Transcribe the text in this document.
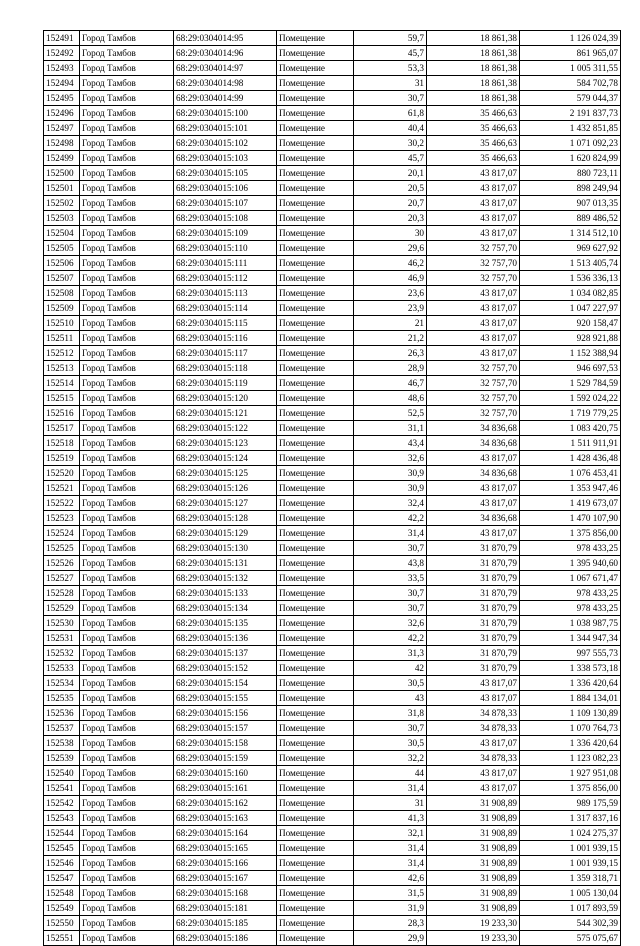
152491	Город Тамбов	68:29:0304014:95	Помещение	59,7	18 861,38	1 126 024,39
152492	Город Тамбов	68:29:0304014:96	Помещение	45,7	18 861,38	861 965,07
152493	Город Тамбов	68:29:0304014:97	Помещение	53,3	18 861,38	1 005 311,55
152494	Город Тамбов	68:29:0304014:98	Помещение	31	18 861,38	584 702,78
152495	Город Тамбов	68:29:0304014:99	Помещение	30,7	18 861,38	579 044,37
152496	Город Тамбов	68:29:0304015:100	Помещение	61,8	35 466,63	2 191 837,73
152497	Город Тамбов	68:29:0304015:101	Помещение	40,4	35 466,63	1 432 851,85
152498	Город Тамбов	68:29:0304015:102	Помещение	30,2	35 466,63	1 071 092,23
152499	Город Тамбов	68:29:0304015:103	Помещение	45,7	35 466,63	1 620 824,99
152500	Город Тамбов	68:29:0304015:105	Помещение	20,1	43 817,07	880 723,11
152501	Город Тамбов	68:29:0304015:106	Помещение	20,5	43 817,07	898 249,94
152502	Город Тамбов	68:29:0304015:107	Помещение	20,7	43 817,07	907 013,35
152503	Город Тамбов	68:29:0304015:108	Помещение	20,3	43 817,07	889 486,52
152504	Город Тамбов	68:29:0304015:109	Помещение	30	43 817,07	1 314 512,10
152505	Город Тамбов	68:29:0304015:110	Помещение	29,6	32 757,70	969 627,92
152506	Город Тамбов	68:29:0304015:111	Помещение	46,2	32 757,70	1 513 405,74
152507	Город Тамбов	68:29:0304015:112	Помещение	46,9	32 757,70	1 536 336,13
152508	Город Тамбов	68:29:0304015:113	Помещение	23,6	43 817,07	1 034 082,85
152509	Город Тамбов	68:29:0304015:114	Помещение	23,9	43 817,07	1 047 227,97
152510	Город Тамбов	68:29:0304015:115	Помещение	21	43 817,07	920 158,47
152511	Город Тамбов	68:29:0304015:116	Помещение	21,2	43 817,07	928 921,88
152512	Город Тамбов	68:29:0304015:117	Помещение	26,3	43 817,07	1 152 388,94
152513	Город Тамбов	68:29:0304015:118	Помещение	28,9	32 757,70	946 697,53
152514	Город Тамбов	68:29:0304015:119	Помещение	46,7	32 757,70	1 529 784,59
152515	Город Тамбов	68:29:0304015:120	Помещение	48,6	32 757,70	1 592 024,22
152516	Город Тамбов	68:29:0304015:121	Помещение	52,5	32 757,70	1 719 779,25
152517	Город Тамбов	68:29:0304015:122	Помещение	31,1	34 836,68	1 083 420,75
152518	Город Тамбов	68:29:0304015:123	Помещение	43,4	34 836,68	1 511 911,91
152519	Город Тамбов	68:29:0304015:124	Помещение	32,6	43 817,07	1 428 436,48
152520	Город Тамбов	68:29:0304015:125	Помещение	30,9	34 836,68	1 076 453,41
152521	Город Тамбов	68:29:0304015:126	Помещение	30,9	43 817,07	1 353 947,46
152522	Город Тамбов	68:29:0304015:127	Помещение	32,4	43 817,07	1 419 673,07
152523	Город Тамбов	68:29:0304015:128	Помещение	42,2	34 836,68	1 470 107,90
152524	Город Тамбов	68:29:0304015:129	Помещение	31,4	43 817,07	1 375 856,00
152525	Город Тамбов	68:29:0304015:130	Помещение	30,7	31 870,79	978 433,25
152526	Город Тамбов	68:29:0304015:131	Помещение	43,8	31 870,79	1 395 940,60
152527	Город Тамбов	68:29:0304015:132	Помещение	33,5	31 870,79	1 067 671,47
152528	Город Тамбов	68:29:0304015:133	Помещение	30,7	31 870,79	978 433,25
152529	Город Тамбов	68:29:0304015:134	Помещение	30,7	31 870,79	978 433,25
152530	Город Тамбов	68:29:0304015:135	Помещение	32,6	31 870,79	1 038 987,75
152531	Город Тамбов	68:29:0304015:136	Помещение	42,2	31 870,79	1 344 947,34
152532	Город Тамбов	68:29:0304015:137	Помещение	31,3	31 870,79	997 555,73
152533	Город Тамбов	68:29:0304015:152	Помещение	42	31 870,79	1 338 573,18
152534	Город Тамбов	68:29:0304015:154	Помещение	30,5	43 817,07	1 336 420,64
152535	Город Тамбов	68:29:0304015:155	Помещение	43	43 817,07	1 884 134,01
152536	Город Тамбов	68:29:0304015:156	Помещение	31,8	34 878,33	1 109 130,89
152537	Город Тамбов	68:29:0304015:157	Помещение	30,7	34 878,33	1 070 764,73
152538	Город Тамбов	68:29:0304015:158	Помещение	30,5	43 817,07	1 336 420,64
152539	Город Тамбов	68:29:0304015:159	Помещение	32,2	34 878,33	1 123 082,23
152540	Город Тамбов	68:29:0304015:160	Помещение	44	43 817,07	1 927 951,08
152541	Город Тамбов	68:29:0304015:161	Помещение	31,4	43 817,07	1 375 856,00
152542	Город Тамбов	68:29:0304015:162	Помещение	31	31 908,89	989 175,59
152543	Город Тамбов	68:29:0304015:163	Помещение	41,3	31 908,89	1 317 837,16
152544	Город Тамбов	68:29:0304015:164	Помещение	32,1	31 908,89	1 024 275,37
152545	Город Тамбов	68:29:0304015:165	Помещение	31,4	31 908,89	1 001 939,15
152546	Город Тамбов	68:29:0304015:166	Помещение	31,4	31 908,89	1 001 939,15
152547	Город Тамбов	68:29:0304015:167	Помещение	42,6	31 908,89	1 359 318,71
152548	Город Тамбов	68:29:0304015:168	Помещение	31,5	31 908,89	1 005 130,04
152549	Город Тамбов	68:29:0304015:181	Помещение	31,9	31 908,89	1 017 893,59
152550	Город Тамбов	68:29:0304015:185	Помещение	28,3	19 233,30	544 302,39
152551	Город Тамбов	68:29:0304015:186	Помещение	29,9	19 233,30	575 075,67
